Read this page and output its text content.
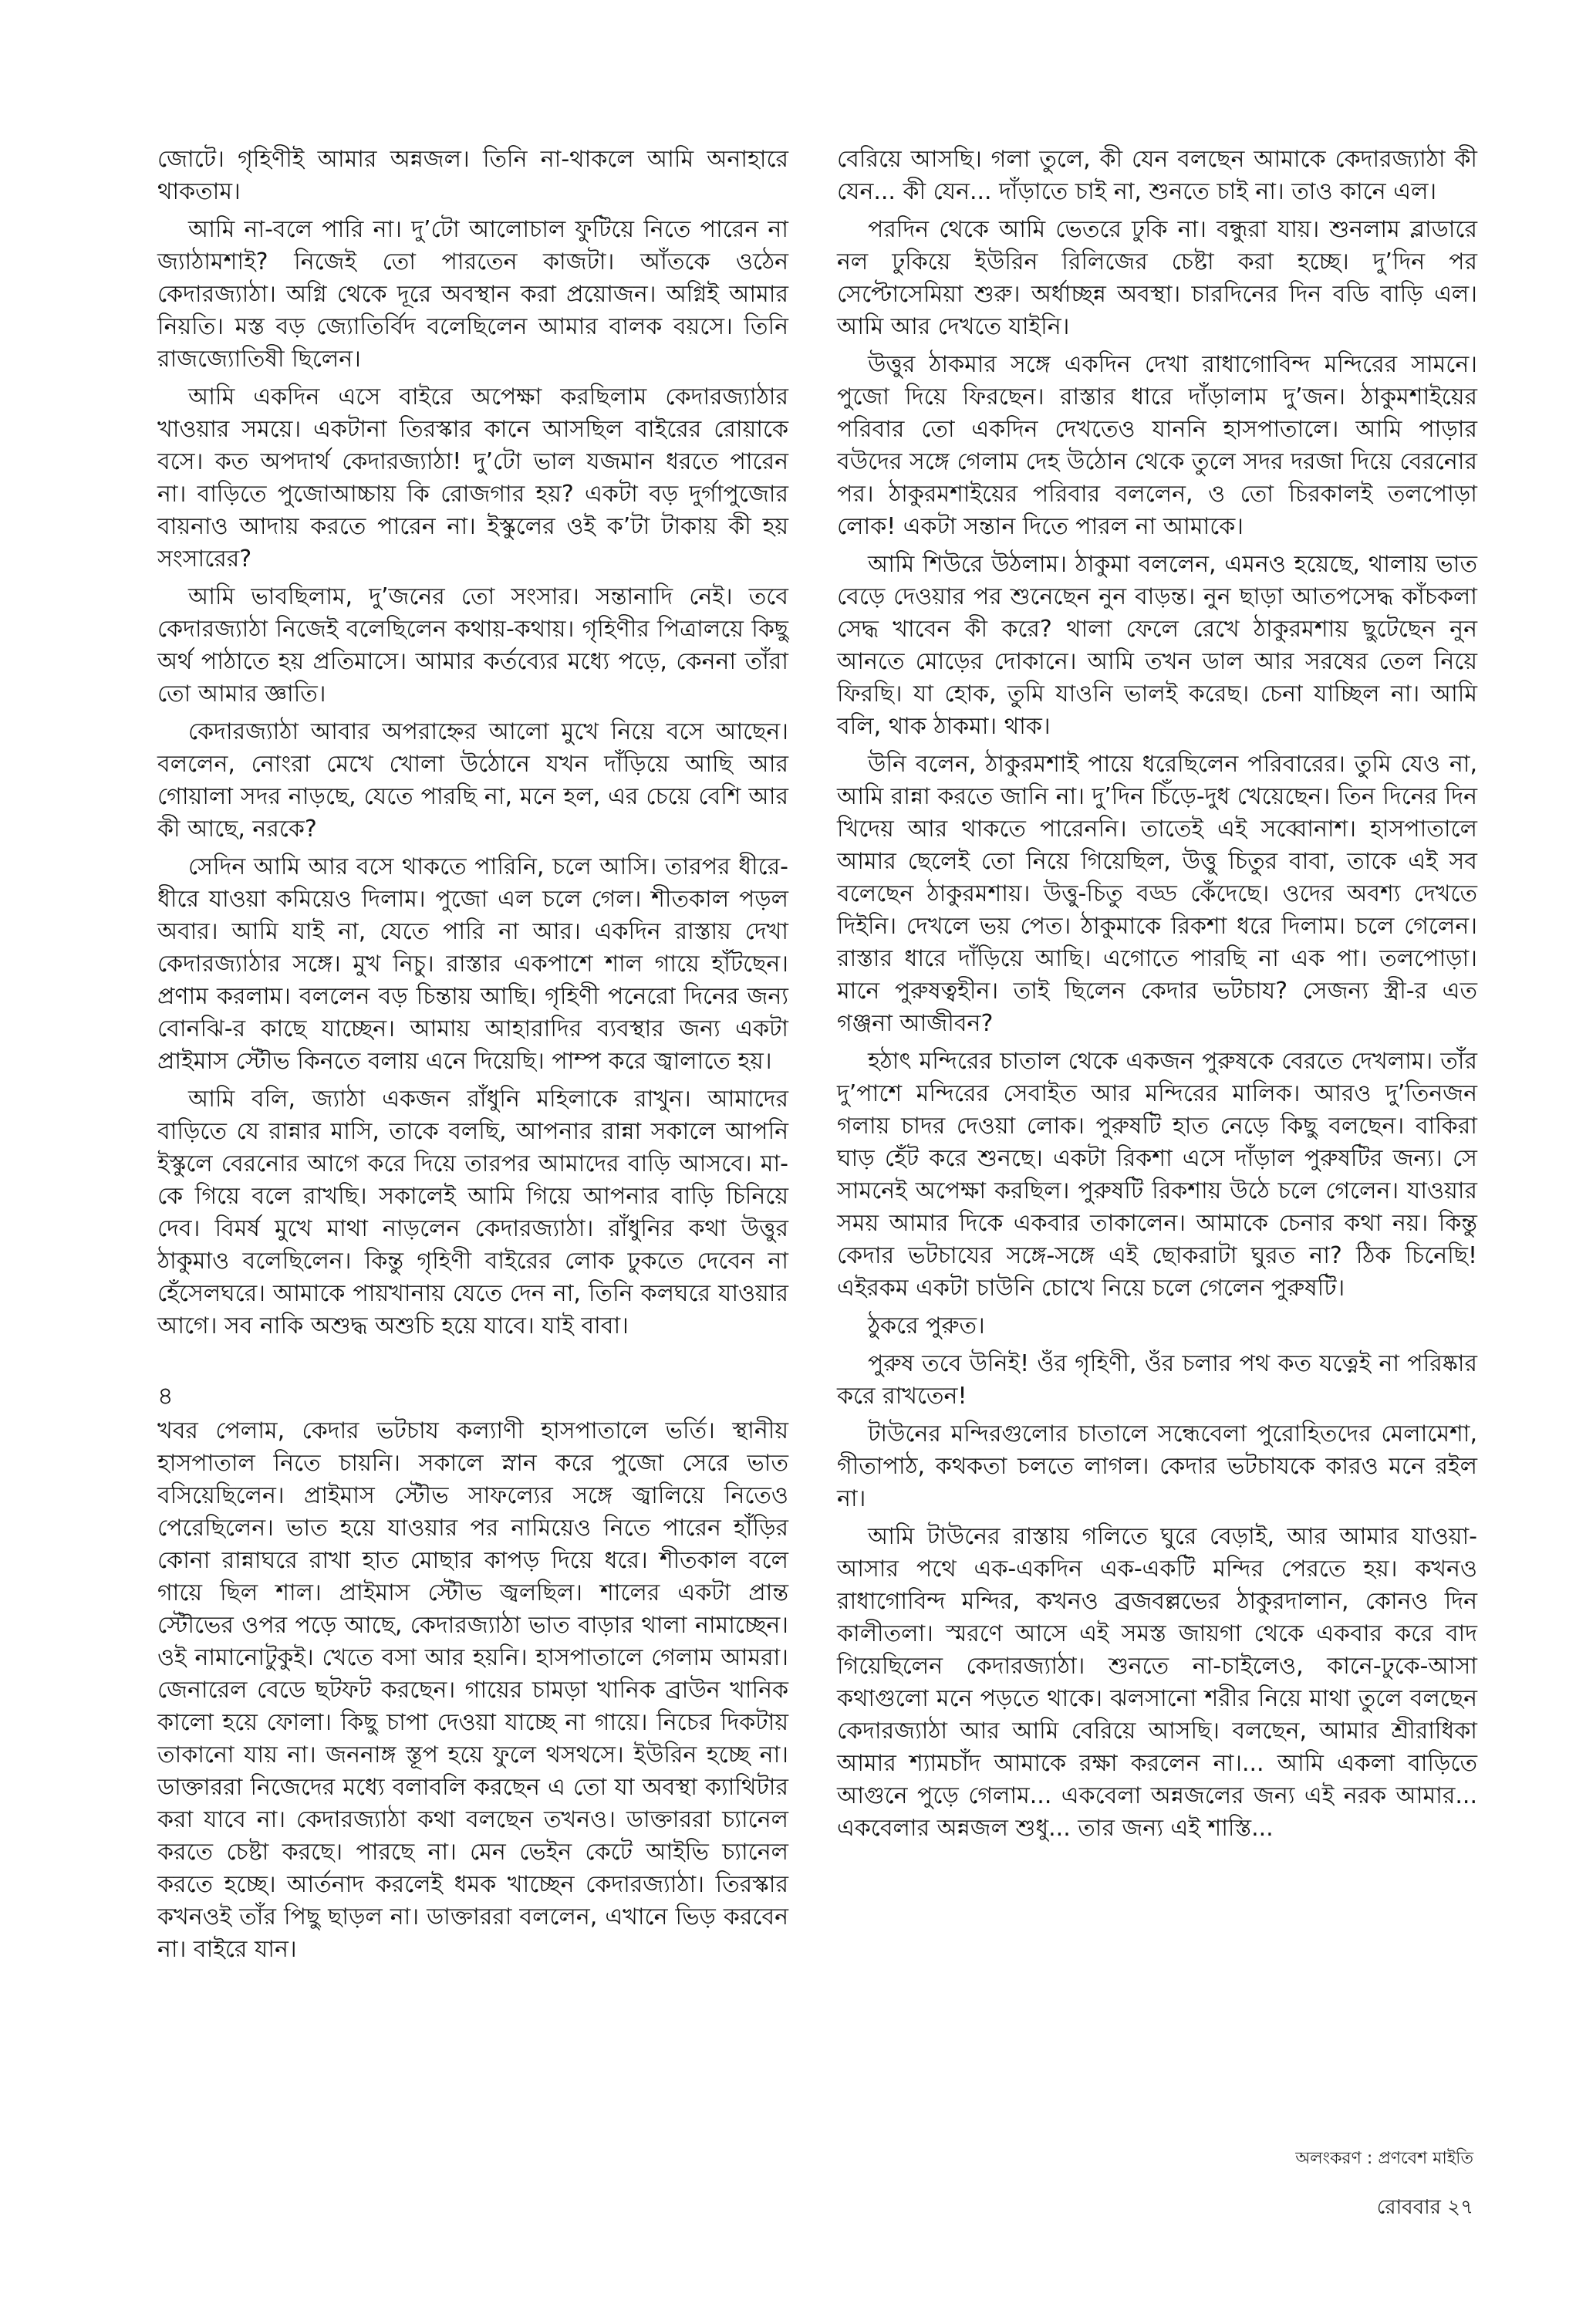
জোটে। গৃহিণীই আমার অন্নজল। তিনি না-থাকলে আমি অনাহারে থাকতাম।

আমি না-বলে পারি না। দু’টো আলোচাল ফুটিয়ে নিতে পারেন না জ্যাঠামশাই? নিজেই তো পারতেন কাজটা। আঁতকে ওঠেন কেদারজ্যাঠা। অগ্নি থেকে দূরে অবস্থান করা প্রয়োজন। অগ্নিই আমার নিয়তি। মস্ত বড় জ্যোতির্বিদ বলেছিলেন আমার বালক বয়সে। তিনি রাজজ্যোতিষী ছিলেন।

আমি একদিন এসে বাইরে অপেক্ষা করছিলাম কেদারজ্যাঠার খাওয়ার সময়ে। একটানা তিরস্কার কানে আসছিল বাইরের রোয়াকে বসে। কত অপদার্থ কেদারজ্যাঠা! দু’টো ভাল যজমান ধরতে পারেন না। বাড়িতে পুজোআচ্চায় কি রোজগার হয়? একটা বড় দুর্গাপুজোর বায়নাও আদায় করতে পারেন না। ইস্কুলের ওই ক’টা টাকায় কী হয় সংসারের?

আমি ভাবছিলাম, দু’জনের তো সংসার। সন্তানাদি নেই। তবে কেদারজ্যাঠা নিজেই বলেছিলেন কথায়-কথায়। গৃহিণীর পিত্রালয়ে কিছু অর্থ পাঠাতে হয় প্রতিমাসে। আমার কর্তব্যের মধ্যে পড়ে, কেননা তাঁরা তো আমার জ্ঞাতি।

কেদারজ্যাঠা আবার অপরাহ্নের আলো মুখে নিয়ে বসে আছেন। বললেন, নোংরা মেখে খোলা উঠোনে যখন দাঁড়িয়ে আছি আর গোয়ালা সদর নাড়ছে, যেতে পারছি না, মনে হল, এর চেয়ে বেশি আর কী আছে, নরকে?

সেদিন আমি আর বসে থাকতে পারিনি, চলে আসি। তারপর ধীরে-ধীরে যাওয়া কমিয়েও দিলাম। পুজো এল চলে গেল। শীতকাল পড়ল অবার। আমি যাই না, যেতে পারি না আর। একদিন রাস্তায় দেখা কেদারজ্যাঠার সঙ্গে। মুখ নিচু। রাস্তার একপাশে শাল গায়ে হাঁটছেন। প্রণাম করলাম। বললেন বড় চিন্তায় আছি। গৃহিণী পনেরো দিনের জন্য বোনঝি-র কাছে যাচ্ছেন। আমায় আহারাদির ব্যবস্থার জন্য একটা প্রাইমাস স্টৌভ কিনতে বলায় এনে দিয়েছি। পাম্প করে জ্বালাতে হয়।

আমি বলি, জ্যাঠা একজন রাঁধুনি মহিলাকে রাখুন। আমাদের বাড়িতে যে রান্নার মাসি, তাকে বলছি, আপনার রান্না সকালে আপনি ইস্কুলে বেরনোর আগে করে দিয়ে তারপর আমাদের বাড়ি আসবে। মা-কে গিয়ে বলে রাখছি। সকালেই আমি গিয়ে আপনার বাড়ি চিনিয়ে দেব। বিমর্ষ মুখে মাথা নাড়লেন কেদারজ্যাঠা। রাঁধুনির কথা উত্তুর ঠাকুমাও বলেছিলেন। কিন্তু গৃহিণী বাইরের লোক ঢুকতে দেবেন না হেঁসেলঘরে। আমাকে পায়খানায় যেতে দেন না, তিনি কলঘরে যাওয়ার আগে। সব নাকি অশুদ্ধ অশুচি হয়ে যাবে। যাই বাবা।

৪

খবর পেলাম, কেদার ভটচায কল্যাণী হাসপাতালে ভর্তি। স্থানীয় হাসপাতাল নিতে চায়নি। সকালে স্নান করে পুজো সেরে ভাত বসিয়েছিলেন। প্রাইমাস স্টৌভ সাফল্যের সঙ্গে জ্বালিয়ে নিতেও পেরেছিলেন। ভাত হয়ে যাওয়ার পর নামিয়েও নিতে পারেন হাঁড়ির কোনা রান্নাঘরে রাখা হাত মোছার কাপড় দিয়ে ধরে। শীতকাল বলে গায়ে ছিল শাল। প্রাইমাস স্টৌভ জ্বলছিল। শালের একটা প্রান্ত স্টৌভের ওপর পড়ে আছে, কেদারজ্যাঠা ভাত বাড়ার থালা নামাচ্ছেন। ওই নামানোটুকুই। খেতে বসা আর হয়নি। হাসপাতালে গেলাম আমরা। জেনারেল বেডে ছটফট করছেন। গায়ের চামড়া খানিক ব্রাউন খানিক কালো হয়ে ফোলা। কিছু চাপা দেওয়া যাচ্ছে না গায়ে। নিচের দিকটায় তাকানো যায় না। জননাঙ্গ স্তূপ হয়ে ফুলে থসথসে। ইউরিন হচ্ছে না। ডাক্তাররা নিজেদের মধ্যে বলাবলি করছেন এ তো যা অবস্থা ক্যাথিটার করা যাবে না। কেদারজ্যাঠা কথা বলছেন তখনও। ডাক্তাররা চ্যানেল করতে চেষ্টা করছে। পারছে না। মেন ভেইন কেটে আইভি চ্যানেল করতে হচ্ছে। আর্তনাদ করলেই ধমক খাচ্ছেন কেদারজ্যাঠা। তিরস্কার কখনওই তাঁর পিছু ছাড়ল না। ডাক্তাররা বললেন, এখানে ভিড় করবেন না। বাইরে যান।

বেরিয়ে আসছি। গলা তুলে, কী যেন বলছেন আমাকে কেদারজ্যাঠা কী যেন... কী যেন... দাঁড়াতে চাই না, শুনতে চাই না। তাও কানে এল।

পরদিন থেকে আমি ভেতরে ঢুকি না। বন্ধুরা যায়। শুনলাম ব্লাডারে নল ঢুকিয়ে ইউরিন রিলিজের চেষ্টা করা হচ্ছে। দু’দিন পর সেপ্টোসেমিয়া শুরু। অর্ধাচ্ছন্ন অবস্থা। চারদিনের দিন বডি বাড়ি এল। আমি আর দেখতে যাইনি।

উত্তুর ঠাকমার সঙ্গে একদিন দেখা রাধাগোবিন্দ মন্দিরের সামনে। পুজো দিয়ে ফিরছেন। রাস্তার ধারে দাঁড়ালাম দু’জন। ঠাকুমশাইয়ের পরিবার তো একদিন দেখতেও যাননি হাসপাতালে। আমি পাড়ার বউদের সঙ্গে গেলাম দেহ উঠোন থেকে তুলে সদর দরজা দিয়ে বেরনোর পর। ঠাকুরমশাইয়ের পরিবার বললেন, ও তো চিরকালই তলপোড়া লোক! একটা সন্তান দিতে পারল না আমাকে।

আমি শিউরে উঠলাম। ঠাকুমা বললেন, এমনও হয়েছে, থালায় ভাত বেড়ে দেওয়ার পর শুনেছেন নুন বাড়ন্ত। নুন ছাড়া আতপসেদ্ধ কাঁচকলা সেদ্ধ খাবেন কী করে? থালা ফেলে রেখে ঠাকুরমশায় ছুটেছেন নুন আনতে মোড়ের দোকানে। আমি তখন ডাল আর সরষের তেল নিয়ে ফিরছি। যা হোক, তুমি যাওনি ভালই করেছ। চেনা যাচ্ছিল না। আমি বলি, থাক ঠাকমা। থাক।

উনি বলেন, ঠাকুরমশাই পায়ে ধরেছিলেন পরিবারের। তুমি যেও না, আমি রান্না করতে জানি না। দু’দিন চিঁড়ে-দুধ খেয়েছেন। তিন দিনের দিন খিদেয় আর থাকতে পারেননি। তাতেই এই সব্বোনাশ। হাসপাতালে আমার ছেলেই তো নিয়ে গিয়েছিল, উত্তু চিতুর বাবা, তাকে এই সব বলেছেন ঠাকুরমশায়। উত্তু-চিতু বড্ড কেঁদেছে। ওদের অবশ্য দেখতে দিইনি। দেখলে ভয় পেত। ঠাকুমাকে রিকশা ধরে দিলাম। চলে গেলেন। রাস্তার ধারে দাঁড়িয়ে আছি। এগোতে পারছি না এক পা। তলপোড়া। মানে পুরুষত্বহীন। তাই ছিলেন কেদার ভটচায? সেজন্য স্ত্রী-র এত গঞ্জনা আজীবন?

হঠাৎ মন্দিরের চাতাল থেকে একজন পুরুষকে বেরতে দেখলাম। তাঁর দু’পাশে মন্দিরের সেবাইত আর মন্দিরের মালিক। আরও দু’তিনজন গলায় চাদর দেওয়া লোক। পুরুষটি হাত নেড়ে কিছু বলছেন। বাকিরা ঘাড় হেঁট করে শুনছে। একটা রিকশা এসে দাঁড়াল পুরুষটির জন্য। সে সামনেই অপেক্ষা করছিল। পুরুষটি রিকশায় উঠে চলে গেলেন। যাওয়ার সময় আমার দিকে একবার তাকালেন। আমাকে চেনার কথা নয়। কিন্তু কেদার ভটচাযের সঙ্গে-সঙ্গে এই ছোকরাটা ঘুরত না? ঠিক চিনেছি! এইরকম একটা চাউনি চোখে নিয়ে চলে গেলেন পুরুষটি।

ঠুকরে পুরুত।

পুরুষ তবে উনিই! ওঁর গৃহিণী, ওঁর চলার পথ কত যত্নেই না পরিষ্কার করে রাখতেন!

টাউনের মন্দিরগুলোর চাতালে সন্ধেবেলা পুরোহিতদের মেলামেশা, গীতাপাঠ, কথকতা চলতে লাগল। কেদার ভটচাযকে কারও মনে রইল না।

আমি টাউনের রাস্তায় গলিতে ঘুরে বেড়াই, আর আমার যাওয়া-আসার পথে এক-একদিন এক-একটি মন্দির পেরতে হয়। কখনও রাধাগোবিন্দ মন্দির, কখনও ব্রজবল্লভের ঠাকুরদালান, কোনও দিন কালীতলা। স্মরণে আসে এই সমস্ত জায়গা থেকে একবার করে বাদ গিয়েছিলেন কেদারজ্যাঠা। শুনতে না-চাইলেও, কানে-ঢুকে-আসা কথাগুলো মনে পড়তে থাকে। ঝলসানো শরীর নিয়ে মাথা তুলে বলছেন কেদারজ্যাঠা আর আমি বেরিয়ে আসছি। বলছেন, আমার শ্রীরাধিকা আমার শ্যামচাঁদ আমাকে রক্ষা করলেন না।... আমি একলা বাড়িতে আগুনে পুড়ে গেলাম... একবেলা অন্নজলের জন্য এই নরক আমার... একবেলার অন্নজল শুধু... তার জন্য এই শাস্তি...

অলংকরণ : প্রণবেশ মাইতি
রোববার ২৭
